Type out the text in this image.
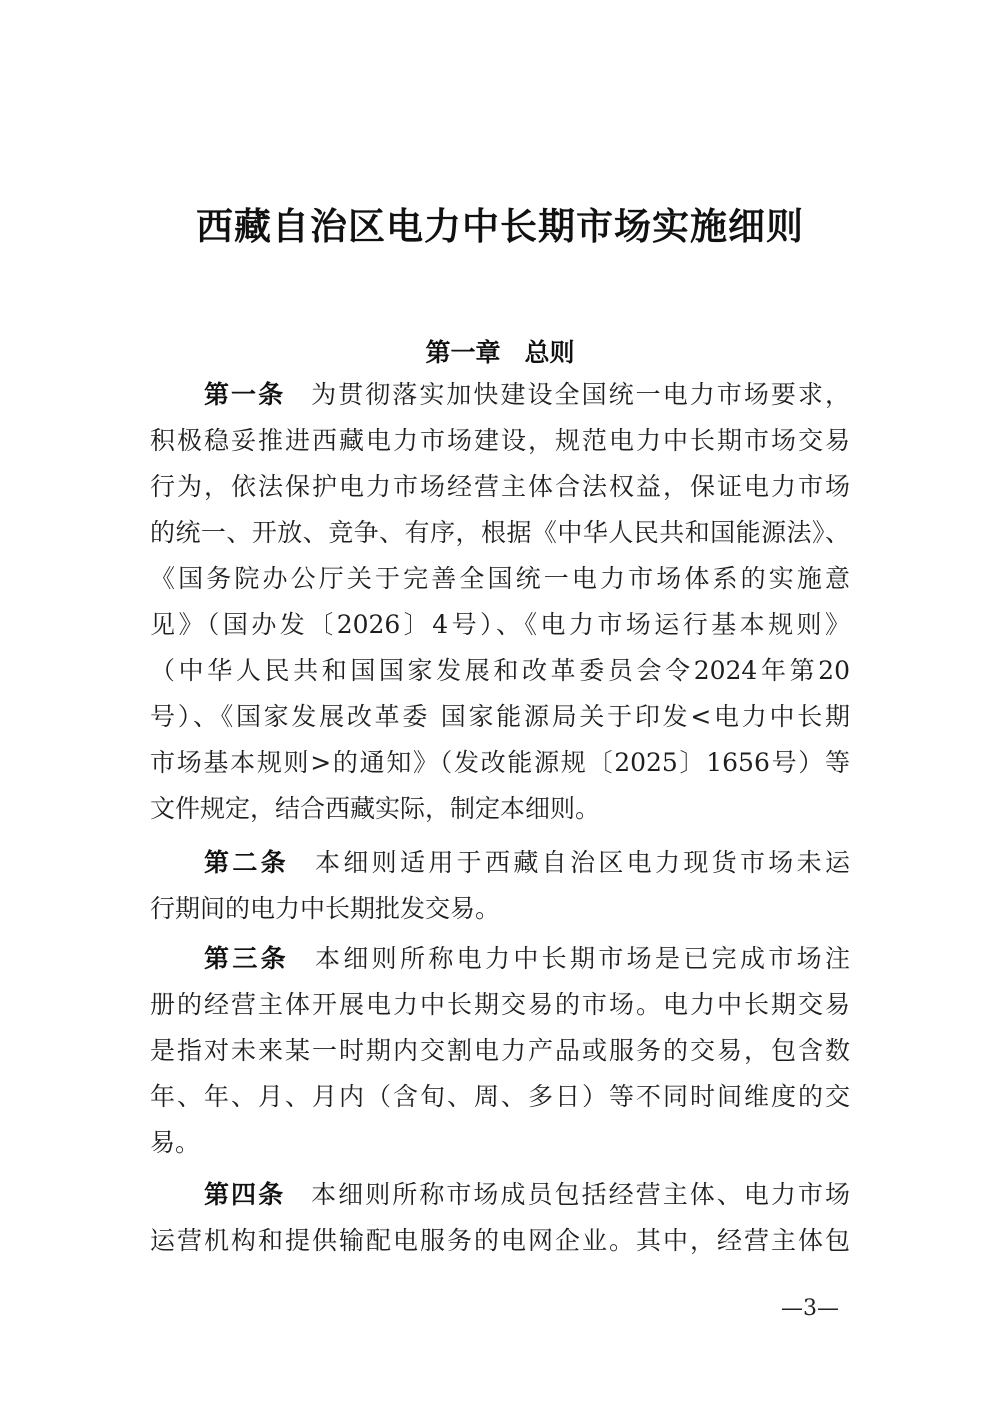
西藏自治区电力中长期市场实施细则
第一章 总则
第一条 为贯彻落实加快建设全国统一电力市场要求，
积极稳妥推进西藏电力市场建设，规范电力中长期市场交易
行为，依法保护电力市场经营主体合法权益，保证电力市场
的统一、开放、竞争、有序，根据《中华人民共和国能源法》、
《国务院办公厅关于完善全国统一电力市场体系的实施意
见》（国办发〔2026〕4号）、《电力市场运行基本规则》
（中华人民共和国国家发展和改革委员会令2024年第20
号）、《国家发展改革委 国家能源局关于印发<电力中长期
市场基本规则>的通知》（发改能源规〔2025〕1656号）等
文件规定，结合西藏实际，制定本细则。
第二条 本细则适用于西藏自治区电力现货市场未运
行期间的电力中长期批发交易。
第三条 本细则所称电力中长期市场是已完成市场注
册的经营主体开展电力中长期交易的市场。电力中长期交易
是指对未来某一时期内交割电力产品或服务的交易，包含数
年、年、月、月内（含旬、周、多日）等不同时间维度的交
易。
第四条 本细则所称市场成员包括经营主体、电力市场
运营机构和提供输配电服务的电网企业。其中，经营主体包
—3—
